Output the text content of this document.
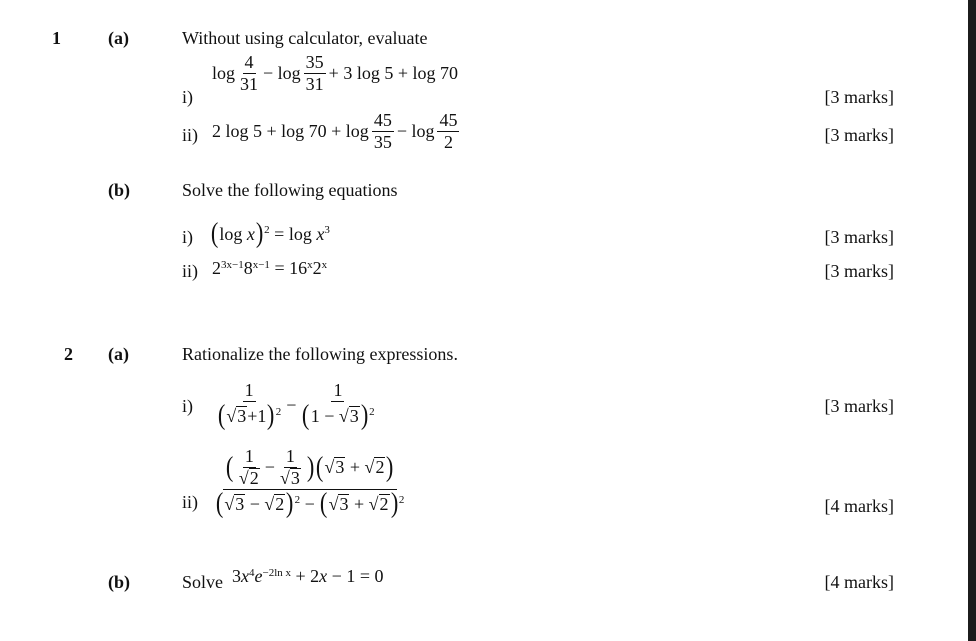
1	(a)	Without using calculator, evaluate
i)
$\log \frac{4}{31} - \log \frac{35}{31} + 3$ log 5 + log 70
[3 marks]
ii) 2 $\log 5 + \log 70 + \log \frac{45}{35} - \log \frac{45}{2}$	[3 marks]
(b)	Solve the following equations
i) ( log x )$^2 = \log x^3$	[3 marks]
ii) $2^{3x-1}$ $8^{x-1} = 16^x$ 2$^x$	[3 marks]
2 (a)	Rationalize the following expressions.
$i) \frac{1}{( √ 3 +1 )^2} - \frac{1}{( 1 - √ 3 )^2}$	[3 marks]
$ii) \frac{( \frac{1}{√ 2} - \frac{1}{√ 3} ) ( √ 3 + √ 2 )}{( √ 3 - √ 2 )^2 - ( √ 3 + √ 2 )^2}$	[4 marks]
(b)	Solve 3 $x^4$ $e^{-2ln x} + 2$ x − 1 = 0	[4 marks]
